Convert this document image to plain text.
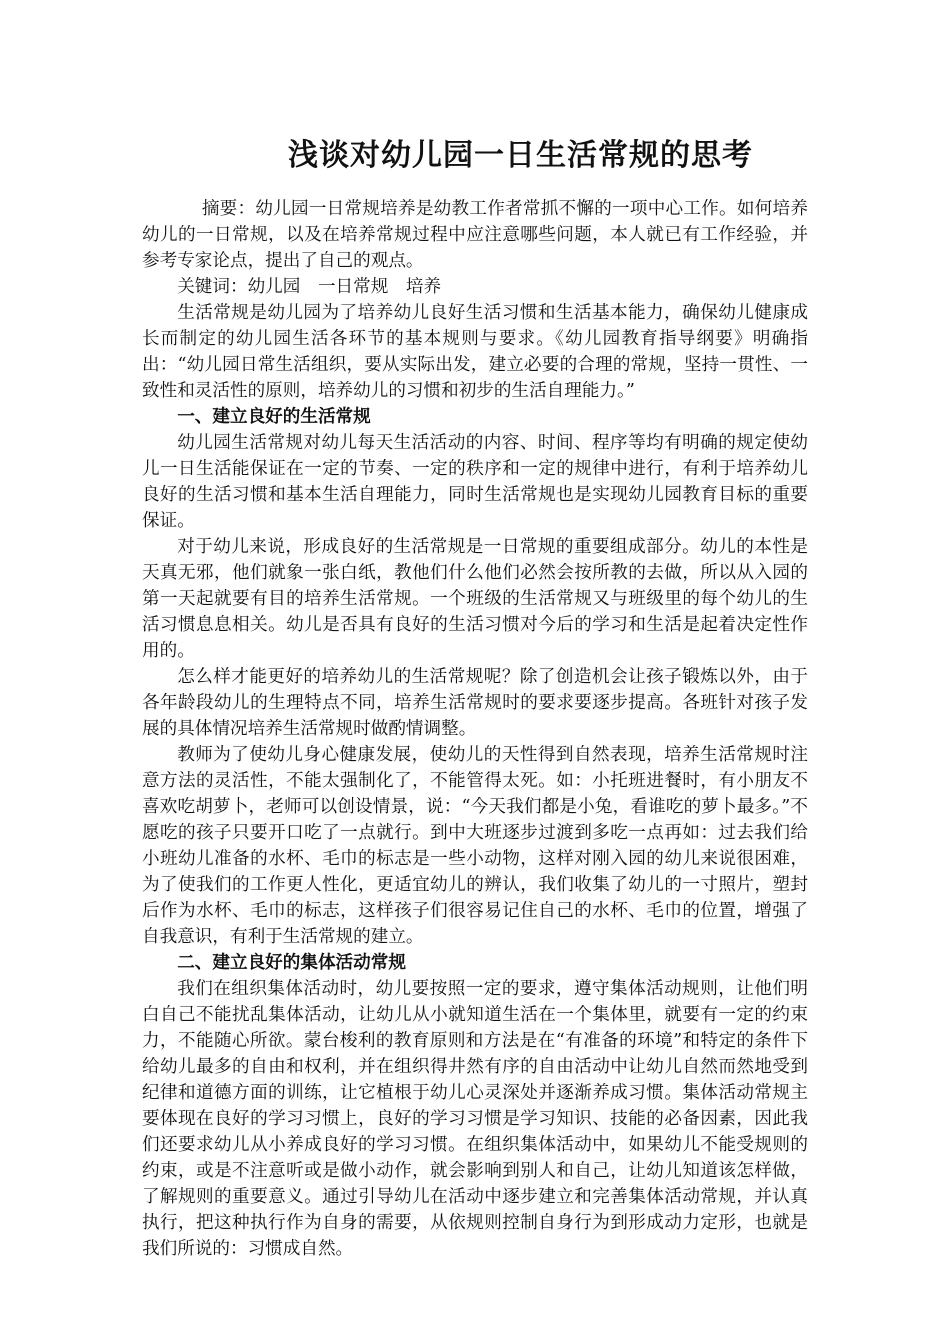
浅谈对幼儿园一日生活常规的思考

摘要：幼儿园一日常规培养是幼教工作者常抓不懈的一项中心工作。如何培养幼儿的一日常规，以及在培养常规过程中应注意哪些问题，本人就已有工作经验，并参考专家论点，提出了自己的观点。

关键词：幼儿园　一日常规　培养

生活常规是幼儿园为了培养幼儿良好生活习惯和生活基本能力，确保幼儿健康成长而制定的幼儿园生活各环节的基本规则与要求。《幼儿园教育指导纲要》明确指出：“幼儿园日常生活组织，要从实际出发，建立必要的合理的常规，坚持一贯性、一致性和灵活性的原则，培养幼儿的习惯和初步的生活自理能力。”

一、建立良好的生活常规

幼儿园生活常规对幼儿每天生活活动的内容、时间、程序等均有明确的规定使幼儿一日生活能保证在一定的节奏、一定的秩序和一定的规律中进行，有利于培养幼儿良好的生活习惯和基本生活自理能力，同时生活常规也是实现幼儿园教育目标的重要保证。

对于幼儿来说，形成良好的生活常规是一日常规的重要组成部分。幼儿的本性是天真无邪，他们就象一张白纸，教他们什么他们必然会按所教的去做，所以从入园的第一天起就要有目的培养生活常规。一个班级的生活常规又与班级里的每个幼儿的生活习惯息息相关。幼儿是否具有良好的生活习惯对今后的学习和生活是起着决定性作用的。

怎么样才能更好的培养幼儿的生活常规呢？除了创造机会让孩子锻炼以外，由于各年龄段幼儿的生理特点不同，培养生活常规时的要求要逐步提高。各班针对孩子发展的具体情况培养生活常规时做酌情调整。

教师为了使幼儿身心健康发展，使幼儿的天性得到自然表现，培养生活常规时注意方法的灵活性，不能太强制化了，不能管得太死。如：小托班进餐时，有小朋友不喜欢吃胡萝卜，老师可以创设情景，说：“今天我们都是小兔，看谁吃的萝卜最多。”不愿吃的孩子只要开口吃了一点就行。到中大班逐步过渡到多吃一点再如：过去我们给小班幼儿准备的水杯、毛巾的标志是一些小动物，这样对刚入园的幼儿来说很困难，为了使我们的工作更人性化，更适宜幼儿的辨认，我们收集了幼儿的一寸照片，塑封后作为水杯、毛巾的标志，这样孩子们很容易记住自己的水杯、毛巾的位置，增强了自我意识，有利于生活常规的建立。

二、建立良好的集体活动常规

我们在组织集体活动时，幼儿要按照一定的要求，遵守集体活动规则，让他们明白自己不能扰乱集体活动，让幼儿从小就知道生活在一个集体里，就要有一定的约束力，不能随心所欲。蒙台梭利的教育原则和方法是在“有准备的环境”和特定的条件下给幼儿最多的自由和权利，并在组织得井然有序的自由活动中让幼儿自然而然地受到纪律和道德方面的训练，让它植根于幼儿心灵深处并逐渐养成习惯。集体活动常规主要体现在良好的学习习惯上，良好的学习习惯是学习知识、技能的必备因素，因此我们还要求幼儿从小养成良好的学习习惯。在组织集体活动中，如果幼儿不能受规则的约束，或是不注意听或是做小动作，就会影响到别人和自己，让幼儿知道该怎样做，了解规则的重要意义。通过引导幼儿在活动中逐步建立和完善集体活动常规，并认真执行，把这种执行作为自身的需要，从依规则控制自身行为到形成动力定形，也就是我们所说的：习惯成自然。
